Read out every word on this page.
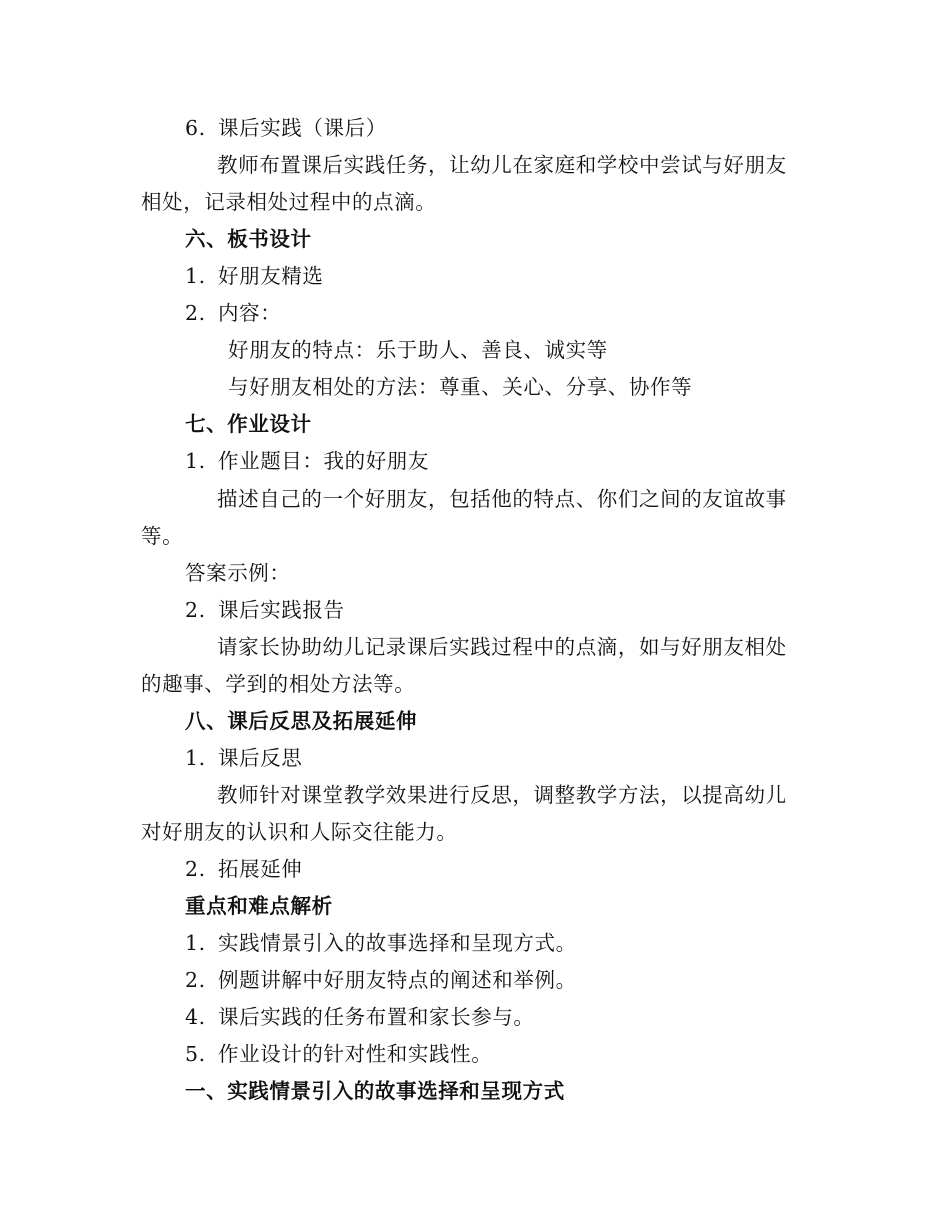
6. 课后实践（课后）
教师布置课后实践任务，让幼儿在家庭和学校中尝试与好朋友
相处，记录相处过程中的点滴。
六、板书设计
1. 好朋友精选
2. 内容：
好朋友的特点：乐于助人、善良、诚实等
与好朋友相处的方法：尊重、关心、分享、协作等
七、作业设计
1. 作业题目：我的好朋友
描述自己的一个好朋友，包括他的特点、你们之间的友谊故事
等。
答案示例：
2. 课后实践报告
请家长协助幼儿记录课后实践过程中的点滴，如与好朋友相处
的趣事、学到的相处方法等。
八、课后反思及拓展延伸
1. 课后反思
教师针对课堂教学效果进行反思，调整教学方法，以提高幼儿
对好朋友的认识和人际交往能力。
2. 拓展延伸
重点和难点解析
1. 实践情景引入的故事选择和呈现方式。
2. 例题讲解中好朋友特点的阐述和举例。
4. 课后实践的任务布置和家长参与。
5. 作业设计的针对性和实践性。
一、实践情景引入的故事选择和呈现方式
